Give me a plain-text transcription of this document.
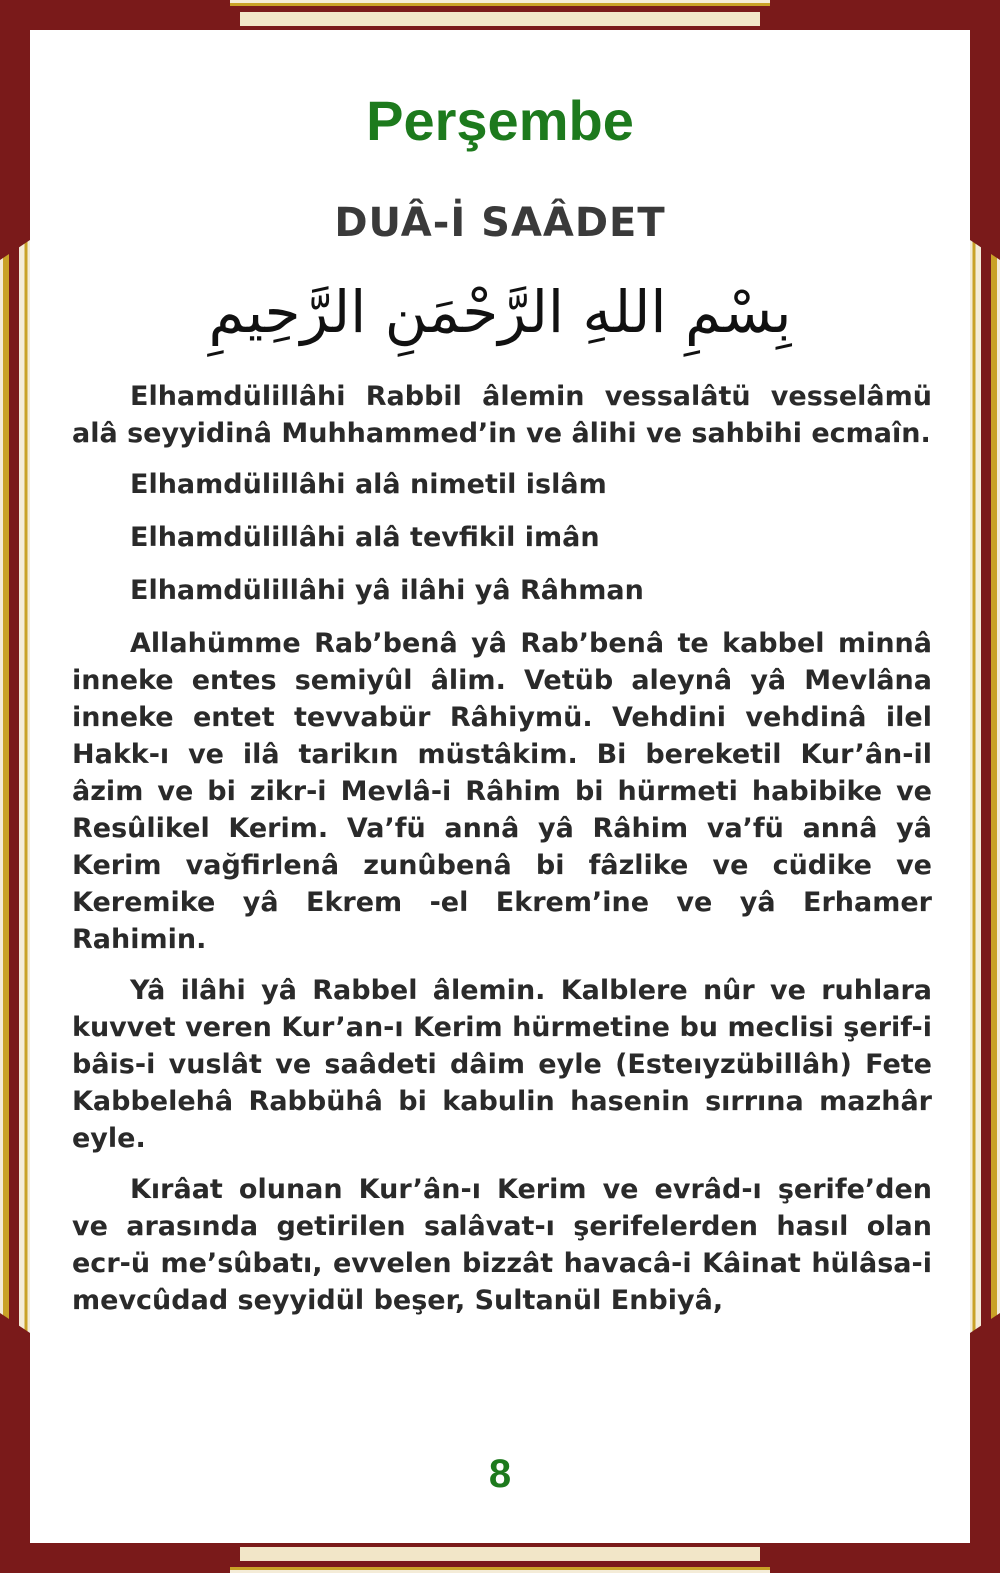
Perşembe
DUÂ-İ SAÂDET
بِسْمِ اللهِ الرَّحْمَنِ الرَّحِيمِ

Elhamdülillâhi Rabbil âlemin vessalâtü vesselâmü alâ seyyidinâ Muhhammed’in ve âlihi ve sahbihi ecmaîn.

Elhamdülillâhi alâ nimetil islâm

Elhamdülillâhi alâ tevfikil imân

Elhamdülillâhi yâ ilâhi yâ Râhman

Allahümme Rab’benâ yâ Rab’benâ te kabbel minnâ inneke entes semiyûl âlim. Vetüb aleynâ yâ Mevlâna inneke entet tevvabür Râhiymü. Vehdini vehdinâ ilel Hakk-ı ve ilâ tarikın müstâkim. Bi bereketil Kur’ân-il âzim ve bi zikr-i Mevlâ-i Râhim bi hürmeti habibike ve Resûlikel Kerim. Va’fü annâ yâ Râhim va’fü annâ yâ Kerim vağfirlenâ zunûbenâ bi fâzlike ve cüdike ve Keremike yâ Ekrem -el Ekrem’ine ve yâ Erhamer Rahimin.

Yâ ilâhi yâ Rabbel âlemin. Kalblere nûr ve ruhlara kuvvet veren Kur’an-ı Kerim hürmetine bu meclisi şerif-i bâis-i vuslât ve saâdeti dâim eyle (Esteıyzübillâh) Fete Kabbelehâ Rabbühâ bi kabulin hasenin sırrına mazhâr eyle.

Kırâat olunan Kur’ân-ı Kerim ve evrâd-ı şerife’den ve arasında getirilen salâvat-ı şerifelerden hasıl olan ecr-ü me’sûbatı, evvelen bizzât havacâ-i Kâinat hülâsa-i mevcûdad seyyidül beşer, Sultanül Enbiyâ,

8
